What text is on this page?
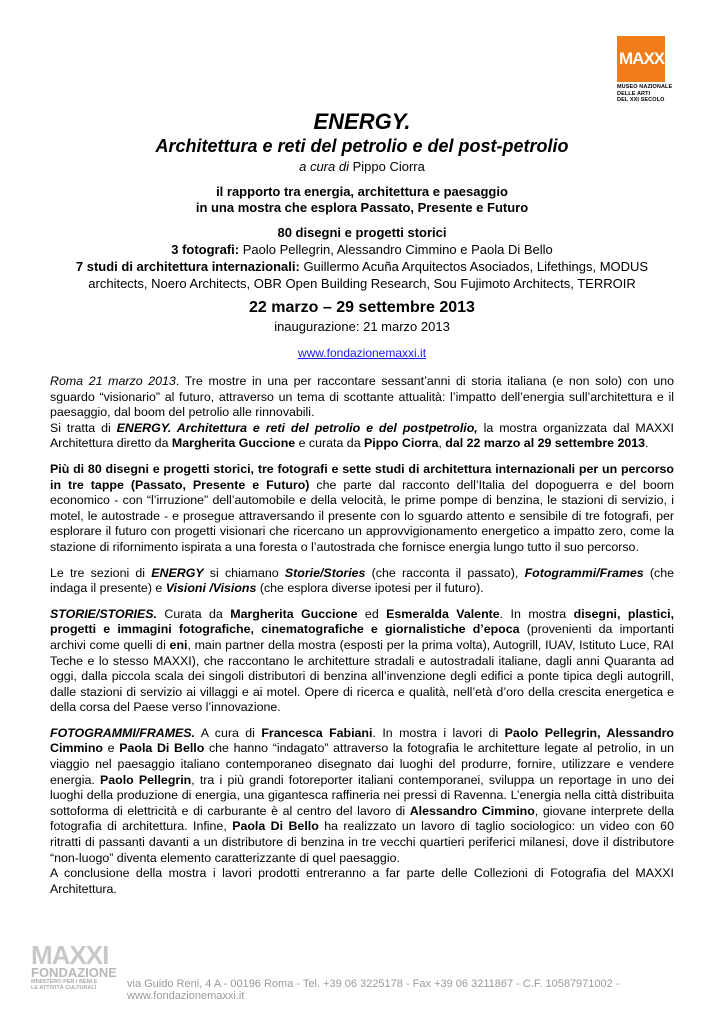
MAXXI
MUSEO NAZIONALE
DELLE ARTI
DEL XXI SECOLO
ENERGY.
Architettura e reti del petrolio e del post-petrolio
a cura di Pippo Ciorra
il rapporto tra energia, architettura e paesaggio
in una mostra che esplora Passato, Presente e Futuro
80 disegni e progetti storici
3 fotografi: Paolo Pellegrin, Alessandro Cimmino e Paola Di Bello
7 studi di architettura internazionali: Guillermo Acuña Arquitectos Asociados, Lifethings, MODUS architects, Noero Architects, OBR Open Building Research, Sou Fujimoto Architects, TERROIR
22 marzo – 29 settembre 2013
inaugurazione: 21 marzo 2013
www.fondazionemaxxi.it

Roma 21 marzo 2013. Tre mostre in una per raccontare sessant’anni di storia italiana (e non solo) con uno sguardo “visionario” al futuro, attraverso un tema di scottante attualità: l’impatto dell’energia sull’architettura e il paesaggio, dal boom del petrolio alle rinnovabili.
Si tratta di ENERGY. Architettura e reti del petrolio e del postpetrolio, la mostra organizzata dal MAXXI Architettura diretto da Margherita Guccione e curata da Pippo Ciorra, dal 22 marzo al 29 settembre 2013.

Più di 80 disegni e progetti storici, tre fotografi e sette studi di architettura internazionali per un percorso in tre tappe (Passato, Presente e Futuro) che parte dal racconto dell’Italia del dopoguerra e del boom economico - con “l’irruzione” dell’automobile e della velocità, le prime pompe di benzina, le stazioni di servizio, i motel, le autostrade - e prosegue attraversando il presente con lo sguardo attento e sensibile di tre fotografi, per esplorare il futuro con progetti visionari che ricercano un approvvigionamento energetico a impatto zero, come la stazione di rifornimento ispirata a una foresta o l’autostrada che fornisce energia lungo tutto il suo percorso.

Le tre sezioni di ENERGY si chiamano Storie/Stories (che racconta il passato), Fotogrammi/Frames (che indaga il presente) e Visioni /Visions (che esplora diverse ipotesi per il futuro).

STORIE/STORIES. Curata da Margherita Guccione ed Esmeralda Valente. In mostra disegni, plastici, progetti e immagini fotografiche, cinematografiche e giornalistiche d’epoca (provenienti da importanti archivi come quelli di eni, main partner della mostra (esposti per la prima volta), Autogrill, IUAV, Istituto Luce, RAI Teche e lo stesso MAXXI), che raccontano le architetture stradali e autostradali italiane, dagli anni Quaranta ad oggi, dalla piccola scala dei singoli distributori di benzina all’invenzione degli edifici a ponte tipica degli autogrill, dalle stazioni di servizio ai villaggi e ai motel. Opere di ricerca e qualità, nell’età d’oro della crescita energetica e della corsa del Paese verso l’innovazione.

FOTOGRAMMI/FRAMES. A cura di Francesca Fabiani. In mostra i lavori di Paolo Pellegrin, Alessandro Cimmino e Paola Di Bello che hanno “indagato” attraverso la fotografia le architetture legate al petrolio, in un viaggio nel paesaggio italiano contemporaneo disegnato dai luoghi del produrre, fornire, utilizzare e vendere energia. Paolo Pellegrin, tra i più grandi fotoreporter italiani contemporanei, sviluppa un reportage in uno dei luoghi della produzione di energia, una gigantesca raffineria nei pressi di Ravenna. L’energia nella città distribuita sottoforma di elettricità e di carburante è al centro del lavoro di Alessandro Cimmino, giovane interprete della fotografia di architettura. Infine, Paola Di Bello ha realizzato un lavoro di taglio sociologico: un video con 60 ritratti di passanti davanti a un distributore di benzina in tre vecchi quartieri periferici milanesi, dove il distributore “non-luogo” diventa elemento caratterizzante di quel paesaggio.
A conclusione della mostra i lavori prodotti entreranno a far parte delle Collezioni di Fotografia del MAXXI Architettura.

MAXXI
FONDAZIONE
MINISTERO PER I BENI E
LE ATTIVITÀ CULTURALI	via Guido Reni, 4 A - 00196 Roma - Tel. +39 06 3225178 - Fax +39 06 3211867 - C.F. 10587971002 - www.fondazionemaxxi.it
